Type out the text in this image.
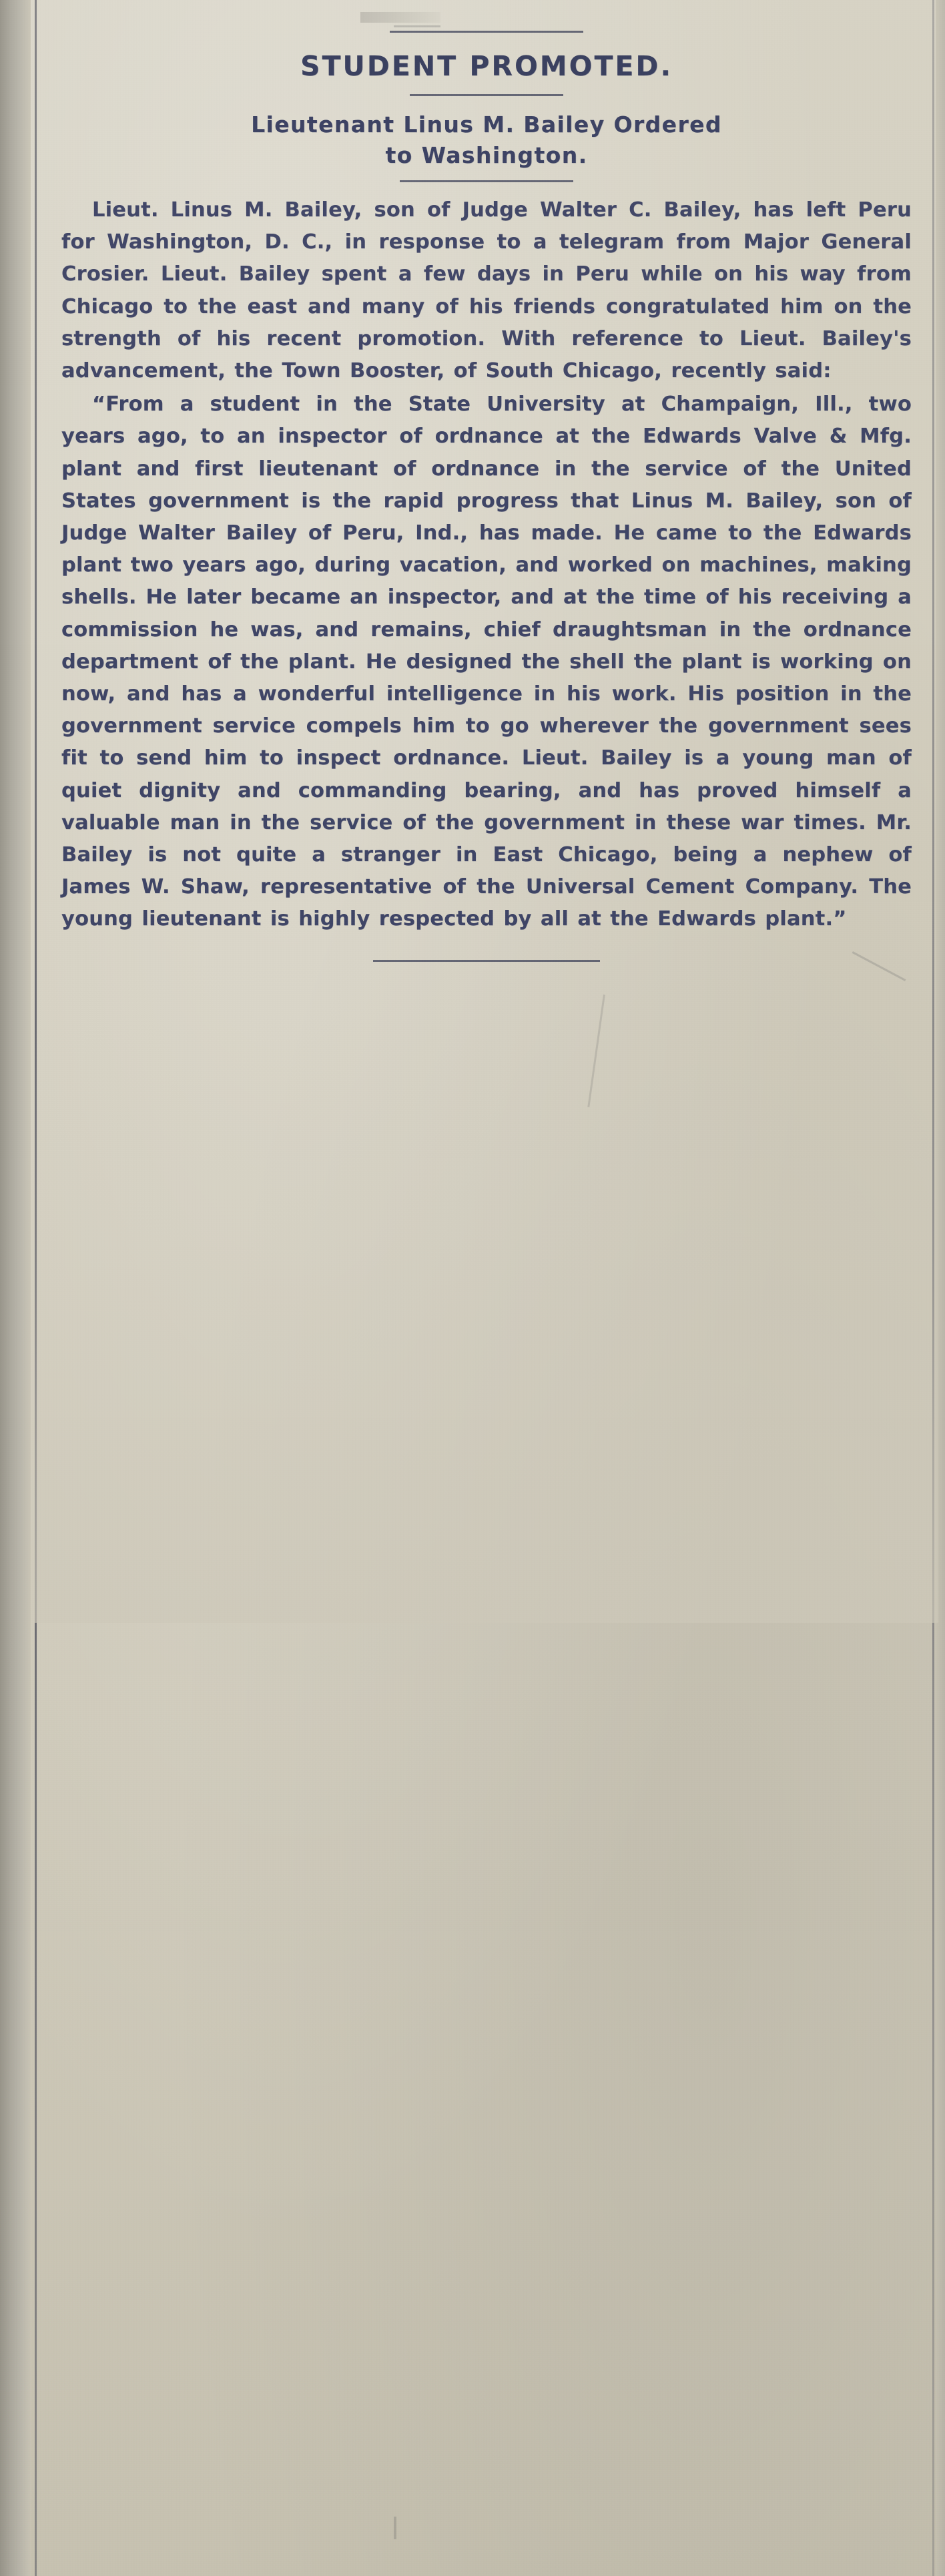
STUDENT PROMOTED.
Lieutenant Linus M. Bailey Ordered
to Washington.

Lieut. Linus M. Bailey, son of Judge Walter C. Bailey, has left Peru for Washington, D. C., in response to a telegram from Major General Crosier. Lieut. Bailey spent a few days in Peru while on his way from Chicago to the east and many of his friends congratulated him on the strength of his recent promotion. With reference to Lieut. Bailey's advancement, the Town Booster, of South Chicago, recently said:

“From a student in the State University at Champaign, Ill., two years ago, to an inspector of ordnance at the Edwards Valve & Mfg. plant and first lieutenant of ordnance in the service of the United States government is the rapid progress that Linus M. Bailey, son of Judge Walter Bailey of Peru, Ind., has made. He came to the Edwards plant two years ago, during vacation, and worked on machines, making shells. He later became an inspector, and at the time of his receiving a commission he was, and remains, chief draughtsman in the ordnance department of the plant. He designed the shell the plant is working on now, and has a wonderful intelligence in his work. His position in the government service compels him to go wherever the government sees fit to send him to inspect ordnance. Lieut. Bailey is a young man of quiet dignity and commanding bearing, and has proved himself a valuable man in the service of the government in these war times. Mr. Bailey is not quite a stranger in East Chicago, being a nephew of James W. Shaw, representative of the Universal Cement Company. The young lieutenant is highly respected by all at the Edwards plant.”
